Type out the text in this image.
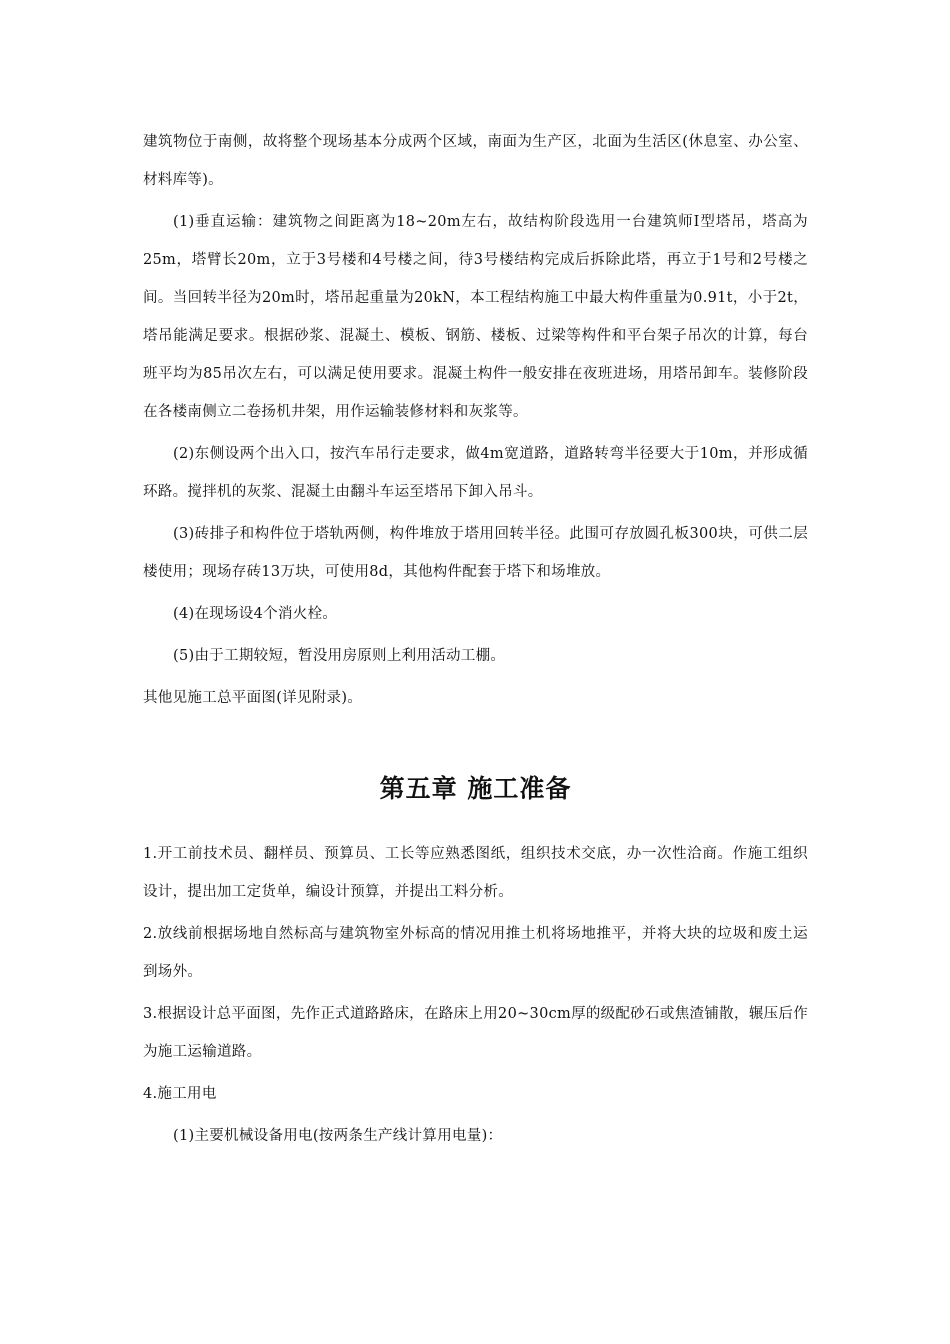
建筑物位于南侧，故将整个现场基本分成两个区域，南面为生产区，北面为生活区(休息室、办公室、材料库等)。

(1)垂直运输：建筑物之间距离为18~20m左右，故结构阶段选用一台建筑师Ⅰ型塔吊，塔高为25m，塔臂长20m，立于3号楼和4号楼之间，待3号楼结构完成后拆除此塔，再立于1号和2号楼之间。当回转半径为20m时，塔吊起重量为20kN，本工程结构施工中最大构件重量为0.91t，小于2t，塔吊能满足要求。根据砂浆、混凝土、模板、钢筋、楼板、过梁等构件和平台架子吊次的计算，每台班平均为85吊次左右，可以满足使用要求。混凝土构件一般安排在夜班进场，用塔吊卸车。装修阶段在各楼南侧立二卷扬机井架，用作运输装修材料和灰浆等。

(2)东侧设两个出入口，按汽车吊行走要求，做4m宽道路，道路转弯半径要大于10m，并形成循环路。搅拌机的灰浆、混凝土由翻斗车运至塔吊下卸入吊斗。

(3)砖排子和构件位于塔轨两侧，构件堆放于塔用回转半径。此围可存放圆孔板300块，可供二层楼使用；现场存砖13万块，可使用8d，其他构件配套于塔下和场堆放。

(4)在现场设4个消火栓。

(5)由于工期较短，暂没用房原则上利用活动工棚。

其他见施工总平面图(详见附录)。

第五章 施工准备

1.开工前技术员、翻样员、预算员、工长等应熟悉图纸，组织技术交底，办一次性洽商。作施工组织设计，提出加工定货单，编设计预算，并提出工料分析。

2.放线前根据场地自然标高与建筑物室外标高的情况用推土机将场地推平，并将大块的垃圾和废土运到场外。

3.根据设计总平面图，先作正式道路路床，在路床上用20~30cm厚的级配砂石或焦渣铺散，辗压后作为施工运输道路。

4.施工用电

(1)主要机械设备用电(按两条生产线计算用电量)：
